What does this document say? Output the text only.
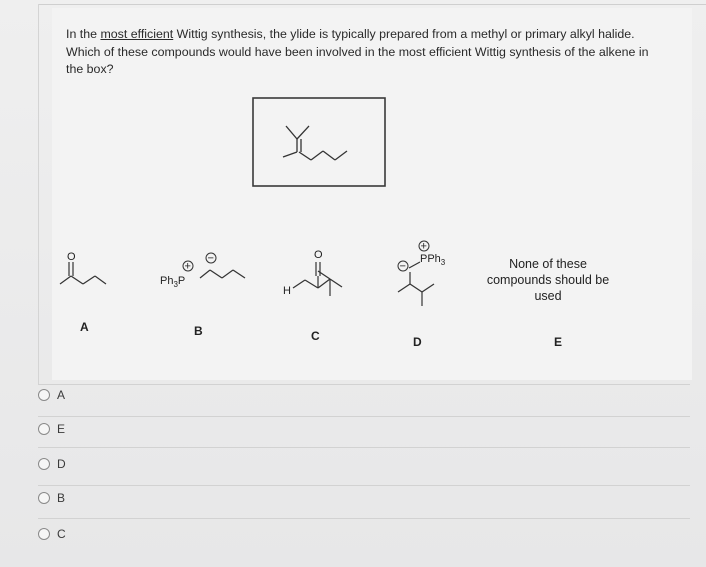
In the most efficient Wittig synthesis, the ylide is typically prepared from a methyl or primary alkyl halide. Which of these compounds would have been involved in the most efficient Wittig synthesis of the alkene in the box?
O
$Ph_3P$
+
−
H
O
+
PPh$_3$
−
A	B	C	D	E
None of these compounds should be used
A
E
D
B
C
